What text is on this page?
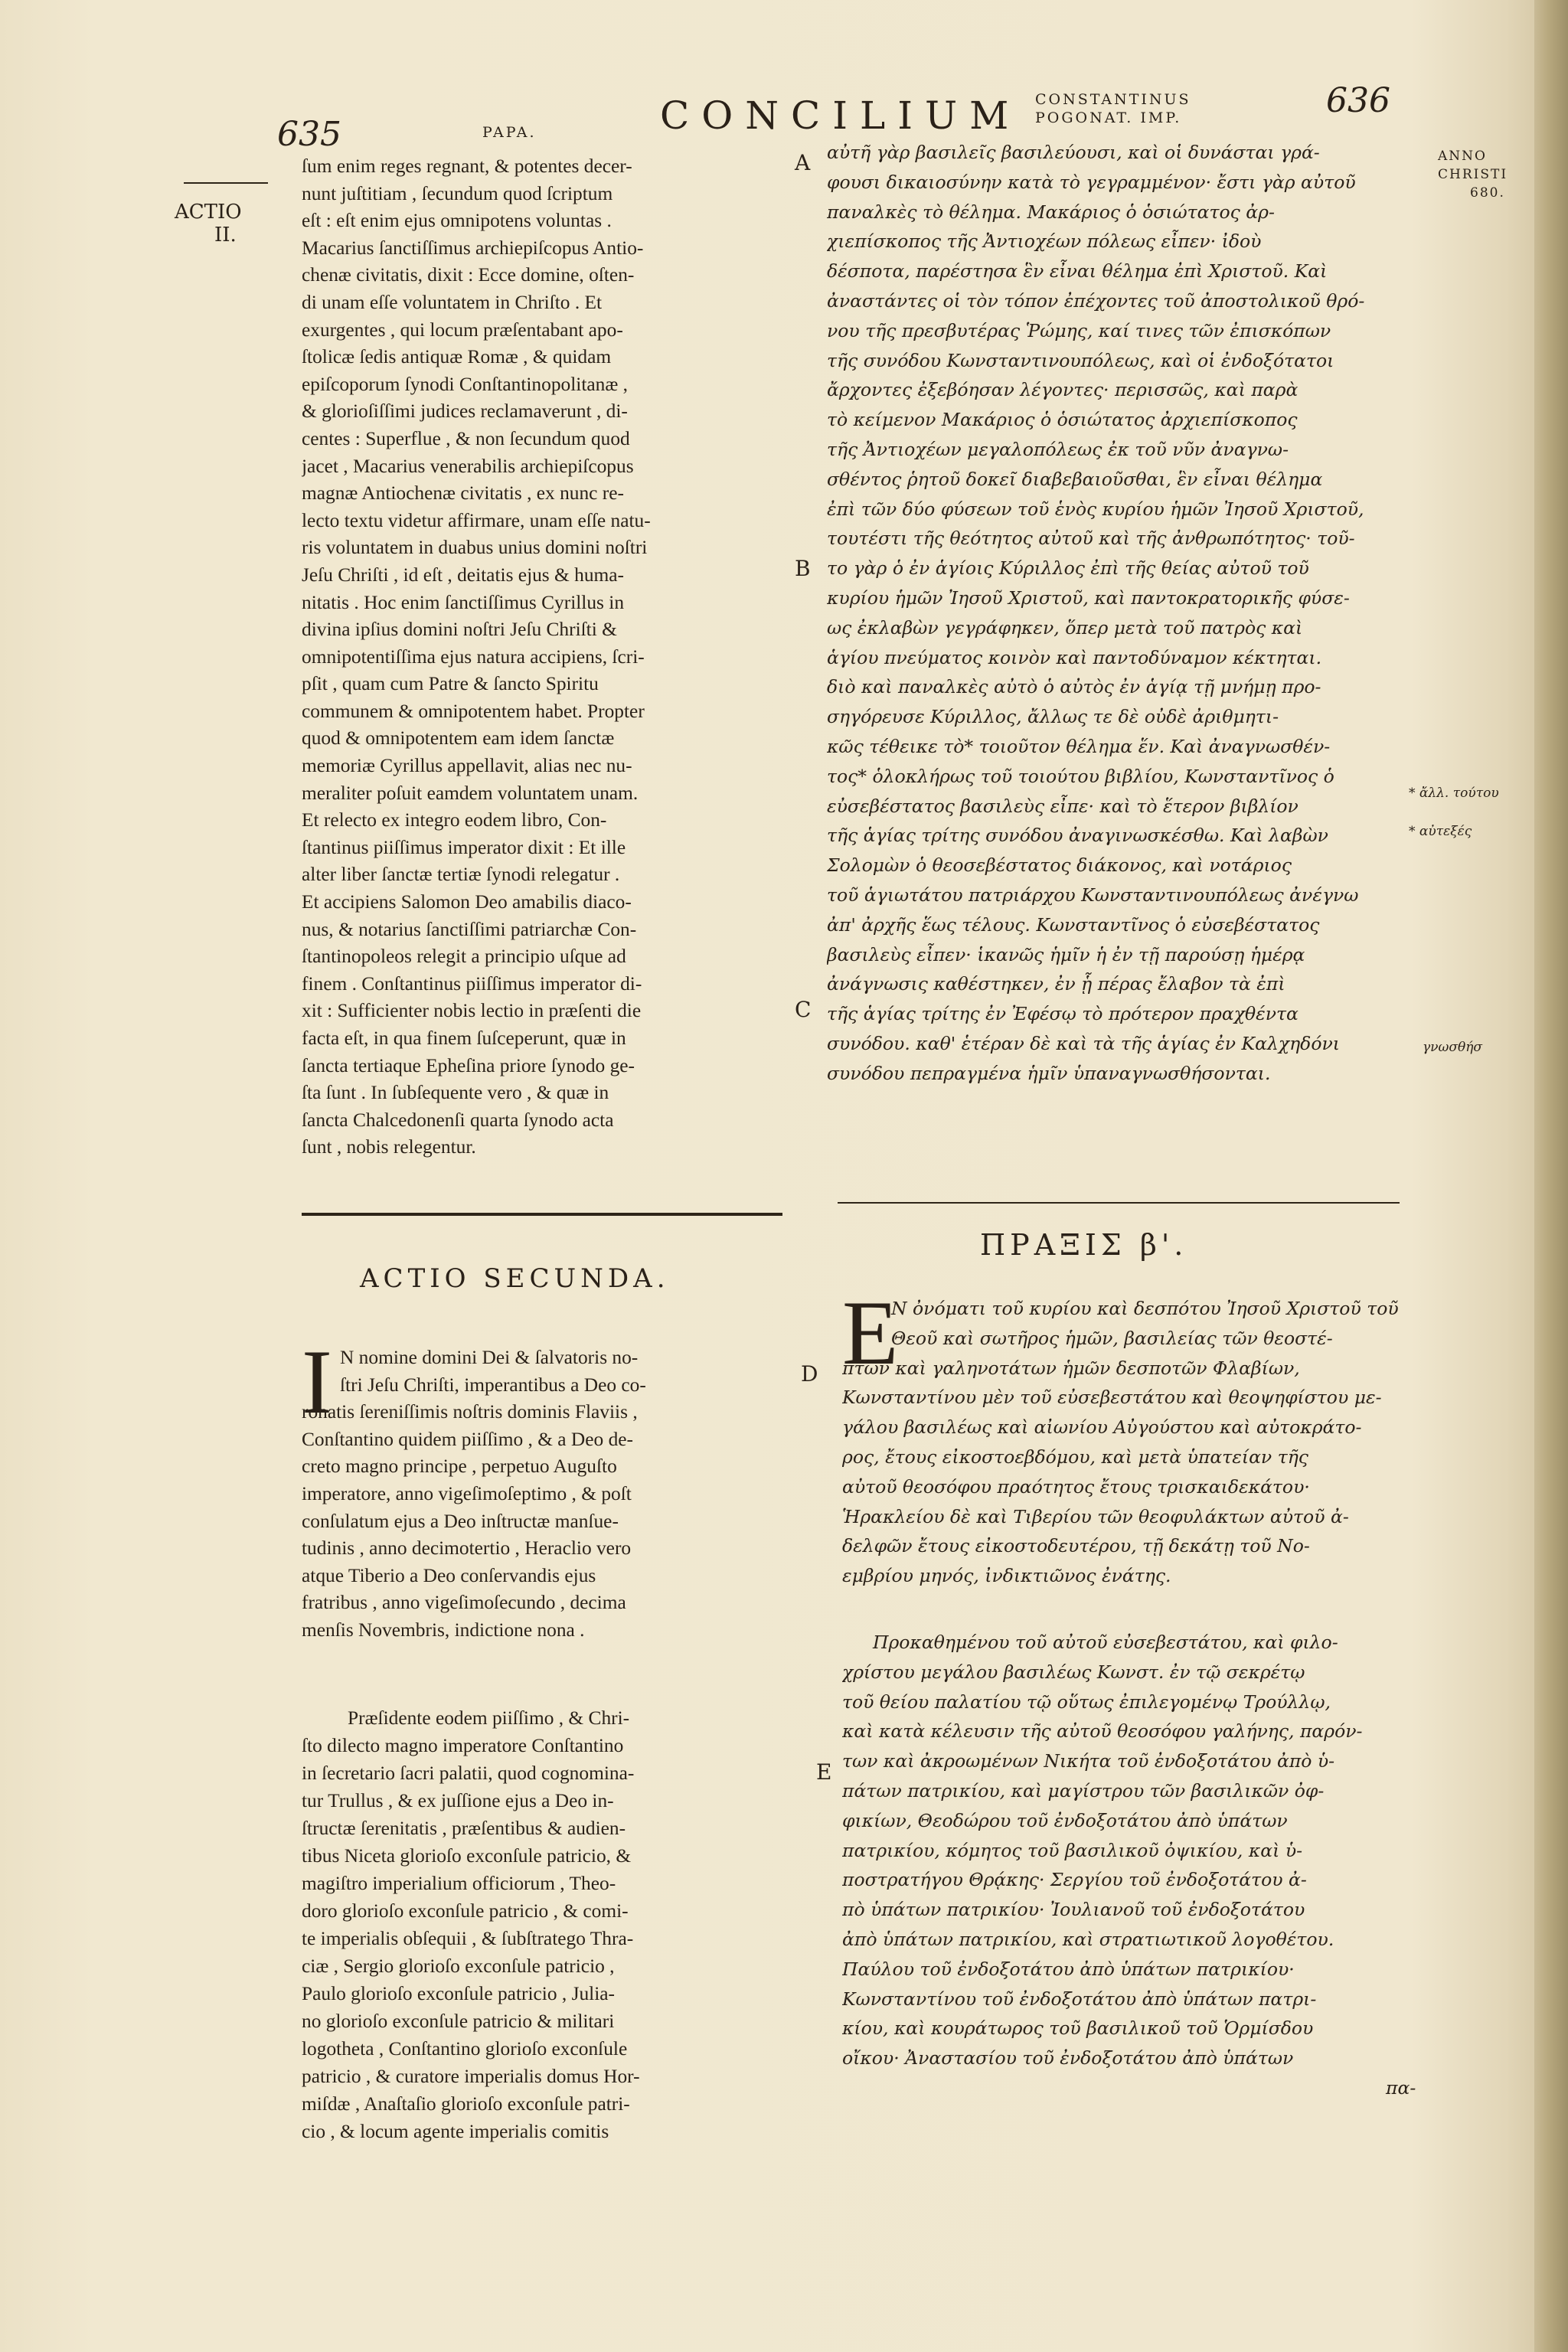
635	PAPA.	CONCILIUM CONSTANTINUS
POGONAT. IMP.	636
ACTIO
II.
ANNO
CHRISTI
680.
* ἄλλ. τούτου
* αὐτεξές
γνωσθήσ
A
B
C
D
E
ſum enim reges regnant, & potentes decer-
nunt juſtitiam , ſecundum quod ſcriptum
eſt : eſt enim ejus omnipotens voluntas .
Macarius ſanctiſſimus archiepiſcopus Antio-
chenæ civitatis, dixit : Ecce domine, oſten-
di unam eſſe voluntatem in Chriſto . Et
exurgentes , qui locum præſentabant apo-
ſtolicæ ſedis antiquæ Romæ , & quidam
epiſcoporum ſynodi Conſtantinopolitanæ ,
& glorioſiſſimi judices reclamaverunt , di-
centes : Superflue , & non ſecundum quod
jacet , Macarius venerabilis archiepiſcopus
magnæ Antiochenæ civitatis , ex nunc re-
lecto textu videtur affirmare, unam eſſe natu-
ris voluntatem in duabus unius domini noſtri
Jeſu Chriſti , id eſt , deitatis ejus & huma-
nitatis . Hoc enim ſanctiſſimus Cyrillus in
divina ipſius domini noſtri Jeſu Chriſti &
omnipotentiſſima ejus natura accipiens, ſcri-
pſit , quam cum Patre & ſancto Spiritu
communem & omnipotentem habet. Propter
quod & omnipotentem eam idem ſanctæ
memoriæ Cyrillus appellavit, alias nec nu-
meraliter poſuit eamdem voluntatem unam.
Et relecto ex integro eodem libro, Con-
ſtantinus piiſſimus imperator dixit : Et ille
alter liber ſanctæ tertiæ ſynodi relegatur .
Et accipiens Salomon Deo amabilis diaco-
nus, & notarius ſanctiſſimi patriarchæ Con-
ſtantinopoleos relegit a principio uſque ad
finem . Conſtantinus piiſſimus imperator di-
xit : Sufficienter nobis lectio in præſenti die
facta eſt, in qua finem ſuſceperunt, quæ in
ſancta tertiaque Epheſina priore ſynodo ge-
ſta ſunt . In ſubſequente vero , & quæ in
ſancta Chalcedonenſi quarta ſynodo acta
ſunt , nobis relegentur.
αὐτῆ γὰρ βασιλεῖς βασιλεύουσι, καὶ οἱ δυνάσται γρά-
φουσι δικαιοσύνην κατὰ τὸ γεγραμμένον· ἔστι γὰρ αὐτοῦ
παναλκὲς τὸ θέλημα. Μακάριος ὁ ὁσιώτατος ἀρ-
χιεπίσκοπος τῆς Ἀντιοχέων πόλεως εἶπεν· ἰδοὺ
δέσποτα, παρέστησα ἓν εἶναι θέλημα ἐπὶ Χριστοῦ. Καὶ
ἀναστάντες οἱ τὸν τόπον ἐπέχοντες τοῦ ἀποστολικοῦ θρό-
νου τῆς πρεσβυτέρας Ῥώμης, καί τινες τῶν ἐπισκόπων
τῆς συνόδου Κωνσταντινουπόλεως, καὶ οἱ ἐνδοξότατοι
ἄρχοντες ἐξεβόησαν λέγοντες· περισσῶς, καὶ παρὰ
τὸ κείμενον Μακάριος ὁ ὁσιώτατος ἀρχιεπίσκοπος
τῆς Ἀντιοχέων μεγαλοπόλεως ἐκ τοῦ νῦν ἀναγνω-
σθέντος ῥητοῦ δοκεῖ διαβεβαιοῦσθαι, ἓν εἶναι θέλημα
ἐπὶ τῶν δύο φύσεων τοῦ ἑνὸς κυρίου ἡμῶν Ἰησοῦ Χριστοῦ,
τουτέστι τῆς θεότητος αὐτοῦ καὶ τῆς ἀνθρωπότητος· τοῦ-
το γὰρ ὁ ἐν ἁγίοις Κύριλλος ἐπὶ τῆς θείας αὐτοῦ τοῦ
κυρίου ἡμῶν Ἰησοῦ Χριστοῦ, καὶ παντοκρατορικῆς φύσε-
ως ἐκλαβὼν γεγράφηκεν, ὅπερ μετὰ τοῦ πατρὸς καὶ
ἁγίου πνεύματος κοινὸν καὶ παντοδύναμον κέκτηται.
διὸ καὶ παναλκὲς αὐτὸ ὁ αὐτὸς ἐν ἁγίᾳ τῇ μνήμῃ προ-
σηγόρευσε Κύριλλος, ἄλλως τε δὲ οὐδὲ ἀριθμητι-
κῶς τέθεικε τὸ* τοιοῦτον θέλημα ἕν. Καὶ ἀναγνωσθέν-
τος* ὁλοκλήρως τοῦ τοιούτου βιβλίου, Κωνσταντῖνος ὁ
εὐσεβέστατος βασιλεὺς εἶπε· καὶ τὸ ἕτερον βιβλίον
τῆς ἁγίας τρίτης συνόδου ἀναγινωσκέσθω. Καὶ λαβὼν
Σολομὼν ὁ θεοσεβέστατος διάκονος, καὶ νοτάριος
τοῦ ἁγιωτάτου πατριάρχου Κωνσταντινουπόλεως ἀνέγνω
ἀπ' ἀρχῆς ἕως τέλους. Κωνσταντῖνος ὁ εὐσεβέστατος
βασιλεὺς εἶπεν· ἱκανῶς ἡμῖν ἡ ἐν τῇ παρούσῃ ἡμέρᾳ
ἀνάγνωσις καθέστηκεν, ἐν ᾗ πέρας ἔλαβον τὰ ἐπὶ
τῆς ἁγίας τρίτης ἐν Ἐφέσῳ τὸ πρότερον πραχθέντα
συνόδου. καθ' ἑτέραν δὲ καὶ τὰ τῆς ἁγίας ἐν Καλχηδόνι
συνόδου πεπραγμένα ἡμῖν ὑπαναγνωσθήσονται.
ACTIO SECUNDA.
ΠΡΑΞΙΣ β'.
I N nomine domini Dei & ſalvatoris no-
ſtri Jeſu Chriſti, imperantibus a Deo co-
ronatis ſereniſſimis noſtris dominis Flaviis ,
Conſtantino quidem piiſſimo , & a Deo de-
creto magno principe , perpetuo Auguſto
imperatore, anno vigeſimoſeptimo , & poſt
conſulatum ejus a Deo inſtructæ manſue-
tudinis , anno decimotertio , Heraclio vero
atque Tiberio a Deo conſervandis ejus
fratribus , anno vigeſimoſecundo , decima
menſis Novembris, indictione nona .
Præſidente eodem piiſſimo , & Chri-
ſto dilecto magno imperatore Conſtantino
in ſecretario ſacri palatii, quod cognomina-
tur Trullus , & ex juſſione ejus a Deo in-
ſtructæ ſerenitatis , præſentibus & audien-
tibus Niceta glorioſo exconſule patricio, &
magiſtro imperialium officiorum , Theo-
doro glorioſo exconſule patricio , & comi-
te imperialis obſequii , & ſubſtratego Thra-
ciæ , Sergio glorioſo exconſule patricio ,
Paulo glorioſo exconſule patricio , Juliа-
no glorioſo exconſule patricio & militari
logotheta , Conſtantino glorioſo exconſule
patricio , & curatore imperialis domus Hor-
miſdæ , Anaſtaſio glorioſo exconſule patri-
cio , & locum agente imperialis comitis
E
Ν ὀνόματι τοῦ κυρίου καὶ δεσπότου Ἰησοῦ Χριστοῦ τοῦ
Θεοῦ καὶ σωτῆρος ἡμῶν, βασιλείας τῶν θεοστέ-
πτων καὶ γαληνοτάτων ἡμῶν δεσποτῶν Φλαβίων,
Κωνσταντίνου μὲν τοῦ εὐσεβεστάτου καὶ θεοψηφίστου με-
γάλου βασιλέως καὶ αἰωνίου Αὐγούστου καὶ αὐτοκράτο-
ρος, ἔτους εἰκοστοεβδόμου, καὶ μετὰ ὑπατείαν τῆς
αὐτοῦ θεοσόφου πραότητος ἔτους τρισκαιδεκάτου·
Ἡρακλείου δὲ καὶ Τιβερίου τῶν θεοφυλάκτων αὐτοῦ ἀ-
δελφῶν ἔτους εἰκοστοδευτέρου, τῇ δεκάτῃ τοῦ Νο-
εμβρίου μηνός, ἰνδικτιῶνος ἐνάτης.
Προκαθημένου τοῦ αὐτοῦ εὐσεβεστάτου, καὶ φιλο-
χρίστου μεγάλου βασιλέως Κωνστ. ἐν τῷ σεκρέτῳ
τοῦ θείου παλατίου τῷ οὕτως ἐπιλεγομένῳ Τρούλλῳ,
καὶ κατὰ κέλευσιν τῆς αὐτοῦ θεοσόφου γαλήνης, παρόν-
των καὶ ἀκροωμένων Νικήτα τοῦ ἐνδοξοτάτου ἀπὸ ὑ-
πάτων πατρικίου, καὶ μαγίστρου τῶν βασιλικῶν ὀφ-
φικίων, Θεοδώρου τοῦ ἐνδοξοτάτου ἀπὸ ὑπάτων
πατρικίου, κόμητος τοῦ βασιλικοῦ ὀψικίου, καὶ ὑ-
ποστρατήγου Θρᾴκης· Σεργίου τοῦ ἐνδοξοτάτου ἀ-
πὸ ὑπάτων πατρικίου· Ἰουλιανοῦ τοῦ ἐνδοξοτάτου
ἀπὸ ὑπάτων πατρικίου, καὶ στρατιωτικοῦ λογοθέτου.
Παύλου τοῦ ἐνδοξοτάτου ἀπὸ ὑπάτων πατρικίου·
Κωνσταντίνου τοῦ ἐνδοξοτάτου ἀπὸ ὑπάτων πατρι-
κίου, καὶ κουράτωρος τοῦ βασιλικοῦ τοῦ Ὁρμίσδου
οἴκου· Ἀναστασίου τοῦ ἐνδοξοτάτου ἀπὸ ὑπάτων
πα-
